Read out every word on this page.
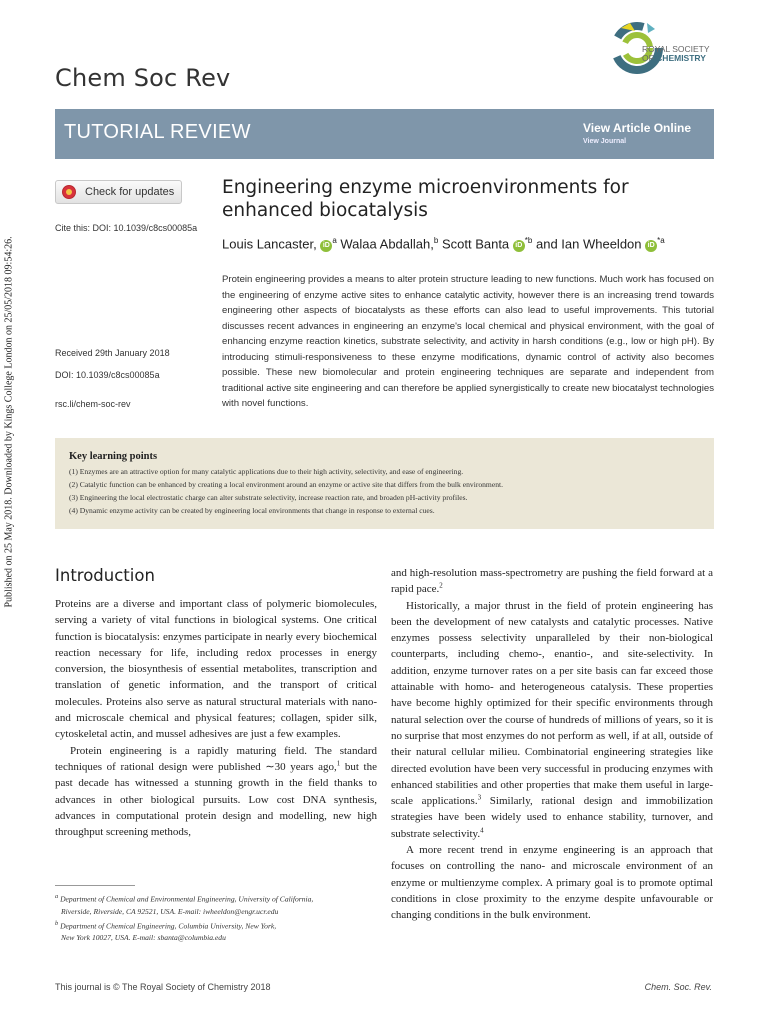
Published on 25 May 2018. Downloaded by Kings College London on 25/05/2018 09:54:26.
Chem Soc Rev
ROYAL SOCIETY
OF CHEMISTRY
TUTORIAL REVIEW	View Article Online
View Journal
Check for updates
Cite this: DOI: 10.1039/c8cs00085a
Received 29th January 2018
DOI: 10.1039/c8cs00085a
rsc.li/chem-soc-rev
Engineering enzyme microenvironments for enhanced biocatalysis
Louis Lancaster, $iD^a$ Walaa Abdallah,$^b$ Scott Banta $iD^{*b}$ and Ian Wheeldon $iD^{*a}$
Protein engineering provides a means to alter protein structure leading to new functions. Much work has focused on the engineering of enzyme active sites to enhance catalytic activity, however there is an increasing trend towards engineering other aspects of biocatalysts as these efforts can also lead to useful improvements. This tutorial discusses recent advances in engineering an enzyme's local chemical and physical environment, with the goal of enhancing enzyme reaction kinetics, substrate selectivity, and activity in harsh conditions (e.g., low or high pH). By introducing stimuli-responsiveness to these enzyme modifications, dynamic control of activity also becomes possible. These new biomolecular and protein engineering techniques are separate and independent from traditional active site engineering and can therefore be applied synergistically to create new biocatalyst technologies with novel functions.
Key learning points
(1) Enzymes are an attractive option for many catalytic applications due to their high activity, selectivity, and ease of engineering.
(2) Catalytic function can be enhanced by creating a local environment around an enzyme or active site that differs from the bulk environment.
(3) Engineering the local electrostatic charge can alter substrate selectivity, increase reaction rate, and broaden pH-activity profiles.
(4) Dynamic enzyme activity can be created by engineering local environments that change in response to external cues.
Introduction

Proteins are a diverse and important class of polymeric biomolecules, serving a variety of vital functions in biological systems. One critical function is biocatalysis: enzymes participate in nearly every biochemical reaction necessary for life, including redox processes in energy conversion, the biosynthesis of essential metabolites, transcription and translation of genetic information, and the transport of critical molecules. Proteins also serve as natural structural materials with nano- and microscale chemical and physical features; collagen, spider silk, cytoskeletal actin, and mussel adhesives are just a few examples.

Protein engineering is a rapidly maturing field. The standard techniques of rational design were published ∼30 years ago,$^1$ but the past decade has witnessed a stunning growth in the field thanks to advances in other biological pursuits. Low cost DNA synthesis, advances in computational protein design and modelling, new high throughput screening methods,

and high-resolution mass-spectrometry are pushing the field forward at a rapid pace.$^2$

Historically, a major thrust in the field of protein engineering has been the development of new catalysts and catalytic processes. Native enzymes possess selectivity unparalleled by their non-biological counterparts, including chemo-, enantio-, and site-selectivity. In addition, enzyme turnover rates on a per site basis can far exceed those attainable with homo- and heterogeneous catalysis. These properties have become highly optimized for their specific environments through natural selection over the course of hundreds of millions of years, so it is no surprise that most enzymes do not perform as well, if at all, outside of their natural cellular milieu. Combinatorial engineering strategies like directed evolution have been very successful in producing enzymes with enhanced stabilities and other properties that make them useful in large-scale applications.$^3$ Similarly, rational design and immobilization strategies have been widely used to enhance stability, turnover, and substrate selectivity.$^4$

A more recent trend in enzyme engineering is an approach that focuses on controlling the nano- and microscale environment of an enzyme or multienzyme complex. A primary goal is to promote optimal conditions in close proximity to the enzyme despite unfavourable or changing conditions in the bulk environment.

$^a$ Department of Chemical and Environmental Engineering, University of California,
Riverside, Riverside, CA 92521, USA. E-mail: iwheeldon@engr.ucr.edu
$^b$ Department of Chemical Engineering, Columbia University, New York,
New York 10027, USA. E-mail: sbanta@columbia.edu
This journal is © The Royal Society of Chemistry 2018	Chem. Soc. Rev.
